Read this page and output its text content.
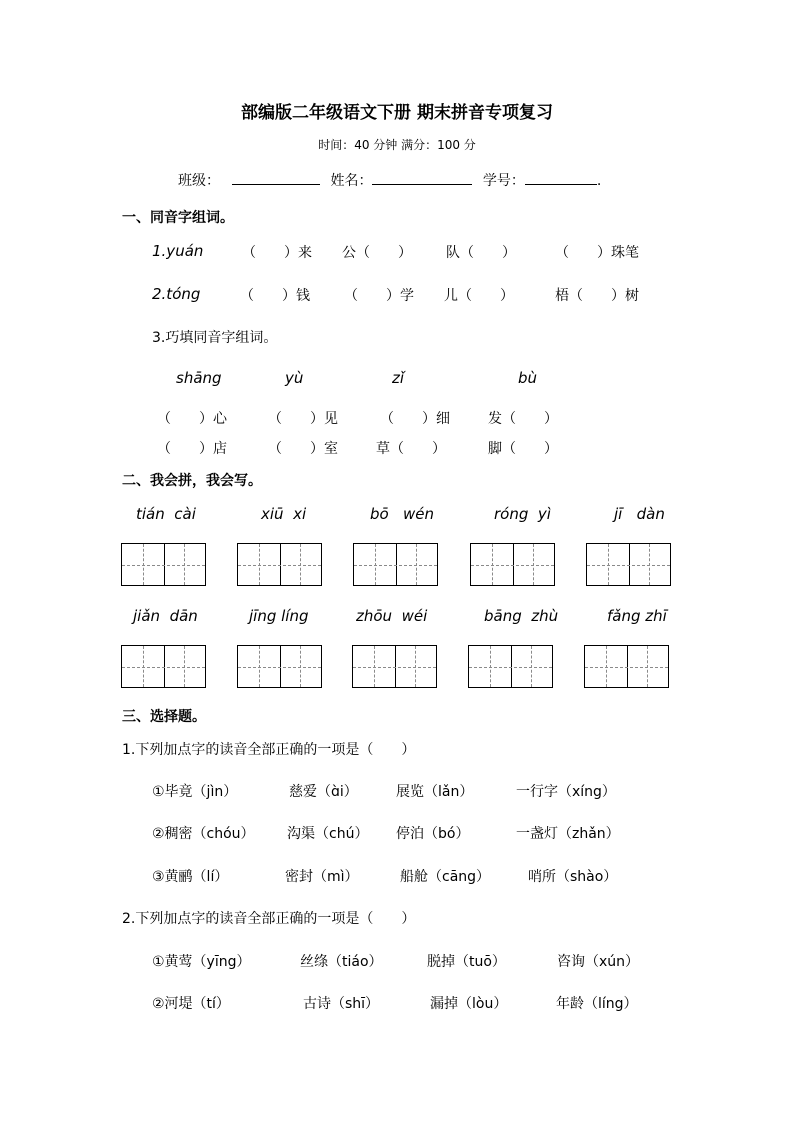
部编版二年级语文下册 期末拼音专项复习
时间：40 分钟 满分：100 分
班级：	姓名：	学号：	.
一、同音字组词。
1.yuán	（　　）来 公（　　） 队（　　）	（　　）珠笔
2.tóng	（　　）钱 （　　）学 儿（　　）	梧（　　）树
3.巧填同音字组词。
shāng	yù	zǐ	bù
（　　）心	（　　）见	（　　）细	发（　　）
（　　）店	（　　）室	草（　　）	脚（　　）
二、我会拼，我会写。
tián  cài	xiū  xi	bō   wén	róng  yì	jī   dàn
jiǎn  dān	jīng líng	zhōu  wéi	bāng  zhù	fǎng zhī
三、选择题。
1.下列加点字的读音全部正确的一项是（　　）
①毕竟（jìn）	慈爱（ɑ̀i）	展览（lǎn）	一行字（xíng）
②稠密（chóu） 沟渠（chú） 停泊（bó）	一盏灯（zhǎn）
③黄鹂（lí）	密封（mì）	船舱（cāng）	哨所（shào）
2.下列加点字的读音全部正确的一项是（　　）
①黄莺（yīng）	丝绦（tiáo）	脱掉（tuō）	咨询（xún）
②河堤（tí）	古诗（shī）	漏掉（lòu）	年龄（líng）
